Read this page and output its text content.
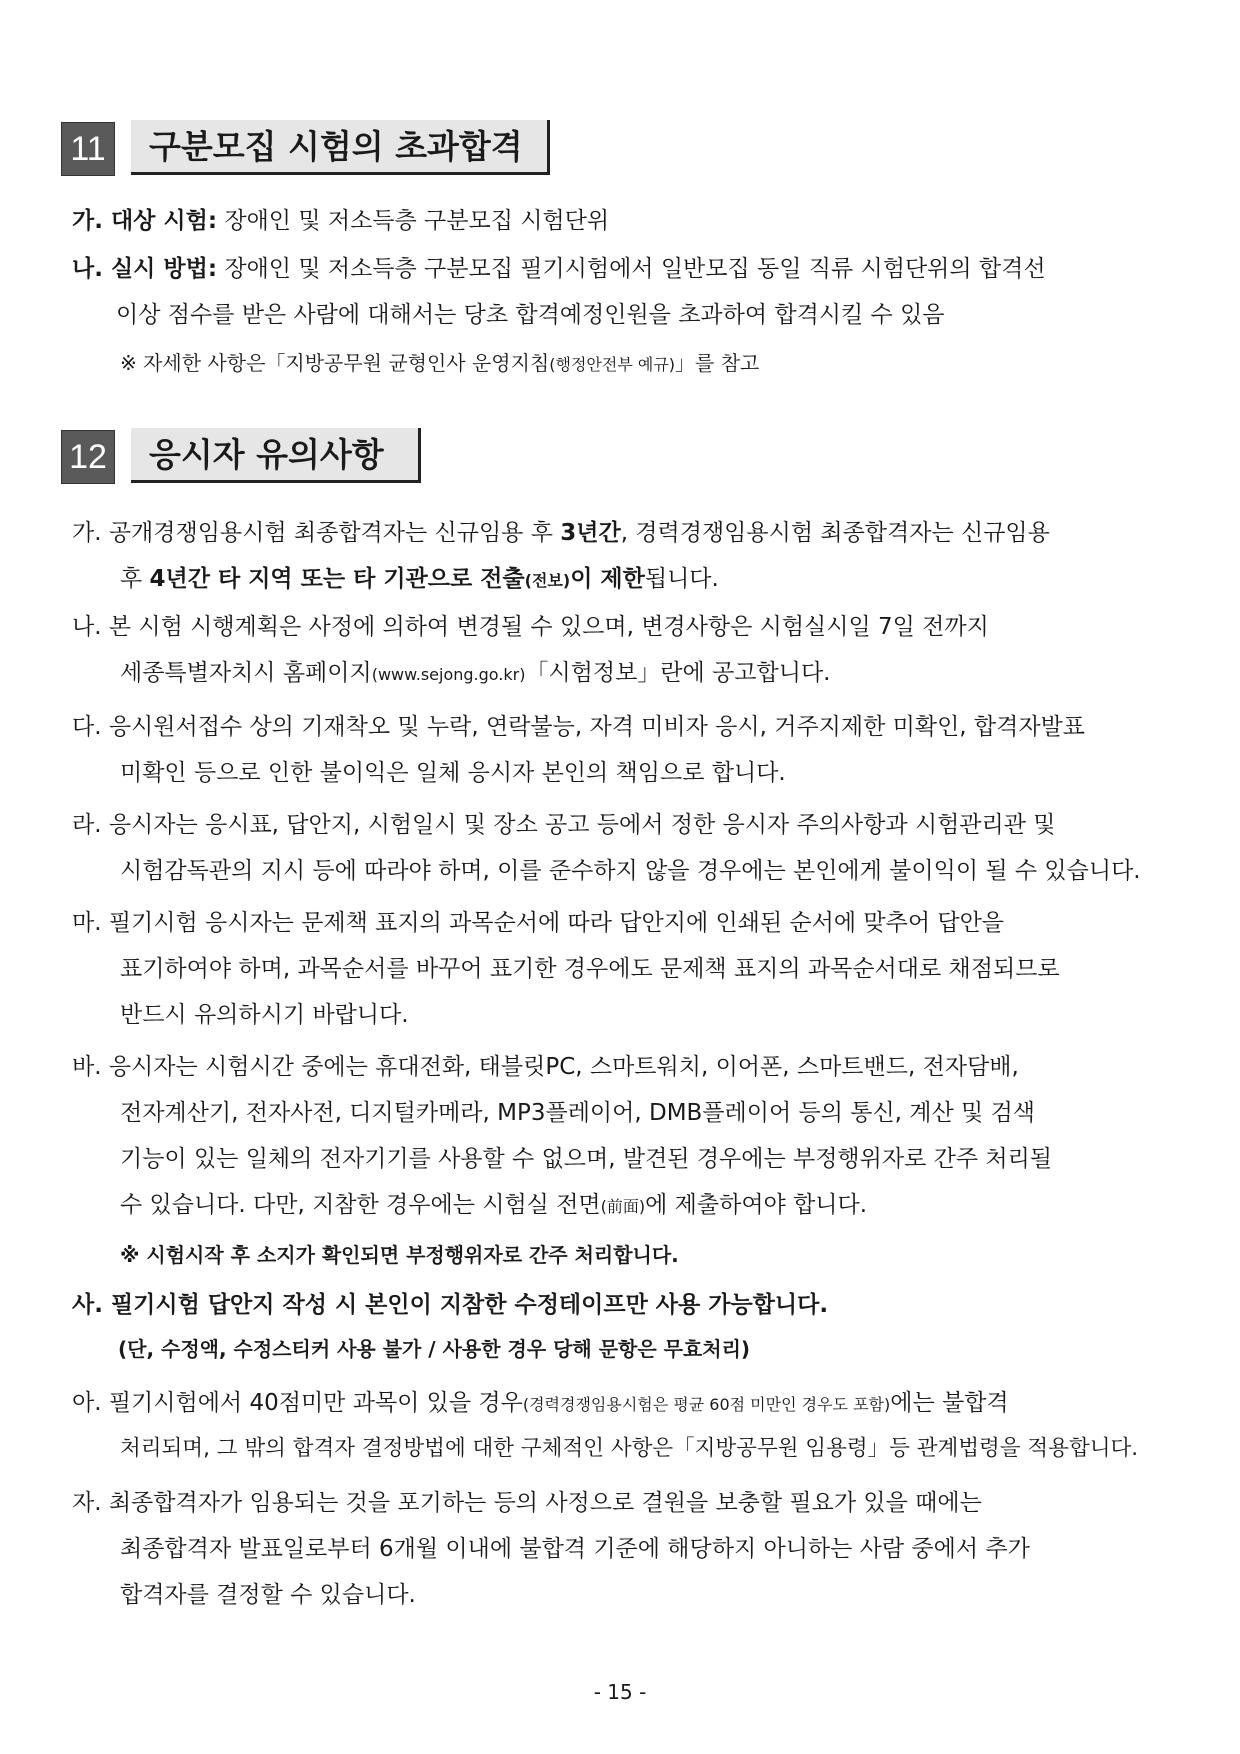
11	구분모집 시험의 초과합격
가. 대상 시험: 장애인 및 저소득층 구분모집 시험단위
나. 실시 방법: 장애인 및 저소득층 구분모집 필기시험에서 일반모집 동일 직류 시험단위의 합격선
이상 점수를 받은 사람에 대해서는 당초 합격예정인원을 초과하여 합격시킬 수 있음
※ 자세한 사항은「지방공무원 균형인사 운영지침(행정안전부 예규)」를 참고
12	응시자 유의사항
가. 공개경쟁임용시험 최종합격자는 신규임용 후 3년간, 경력경쟁임용시험 최종합격자는 신규임용
후 4년간 타 지역 또는 타 기관으로 전출(전보)이 제한됩니다.
나. 본 시험 시행계획은 사정에 의하여 변경될 수 있으며, 변경사항은 시험실시일 7일 전까지
세종특별자치시 홈페이지(www.sejong.go.kr)「시험정보」란에 공고합니다.
다. 응시원서접수 상의 기재착오 및 누락, 연락불능, 자격 미비자 응시, 거주지제한 미확인, 합격자발표
미확인 등으로 인한 불이익은 일체 응시자 본인의 책임으로 합니다.
라. 응시자는 응시표, 답안지, 시험일시 및 장소 공고 등에서 정한 응시자 주의사항과 시험관리관 및
시험감독관의 지시 등에 따라야 하며, 이를 준수하지 않을 경우에는 본인에게 불이익이 될 수 있습니다.
마. 필기시험 응시자는 문제책 표지의 과목순서에 따라 답안지에 인쇄된 순서에 맞추어 답안을
표기하여야 하며, 과목순서를 바꾸어 표기한 경우에도 문제책 표지의 과목순서대로 채점되므로
반드시 유의하시기 바랍니다.
바. 응시자는 시험시간 중에는 휴대전화, 태블릿PC, 스마트워치, 이어폰, 스마트밴드, 전자담배,
전자계산기, 전자사전, 디지털카메라, MP3플레이어, DMB플레이어 등의 통신, 계산 및 검색
기능이 있는 일체의 전자기기를 사용할 수 없으며, 발견된 경우에는 부정행위자로 간주 처리될
수 있습니다. 다만, 지참한 경우에는 시험실 전면(前面)에 제출하여야 합니다.
※ 시험시작 후 소지가 확인되면 부정행위자로 간주 처리합니다.
사. 필기시험 답안지 작성 시 본인이 지참한 수정테이프만 사용 가능합니다.
(단, 수정액, 수정스티커 사용 불가 / 사용한 경우 당해 문항은 무효처리)
아. 필기시험에서 40점미만 과목이 있을 경우(경력경쟁임용시험은 평균 60점 미만인 경우도 포함)에는 불합격
처리되며, 그 밖의 합격자 결정방법에 대한 구체적인 사항은「지방공무원 임용령」등 관계법령을 적용합니다.
자. 최종합격자가 임용되는 것을 포기하는 등의 사정으로 결원을 보충할 필요가 있을 때에는
최종합격자 발표일로부터 6개월 이내에 불합격 기준에 해당하지 아니하는 사람 중에서 추가
합격자를 결정할 수 있습니다.
- 15 -
